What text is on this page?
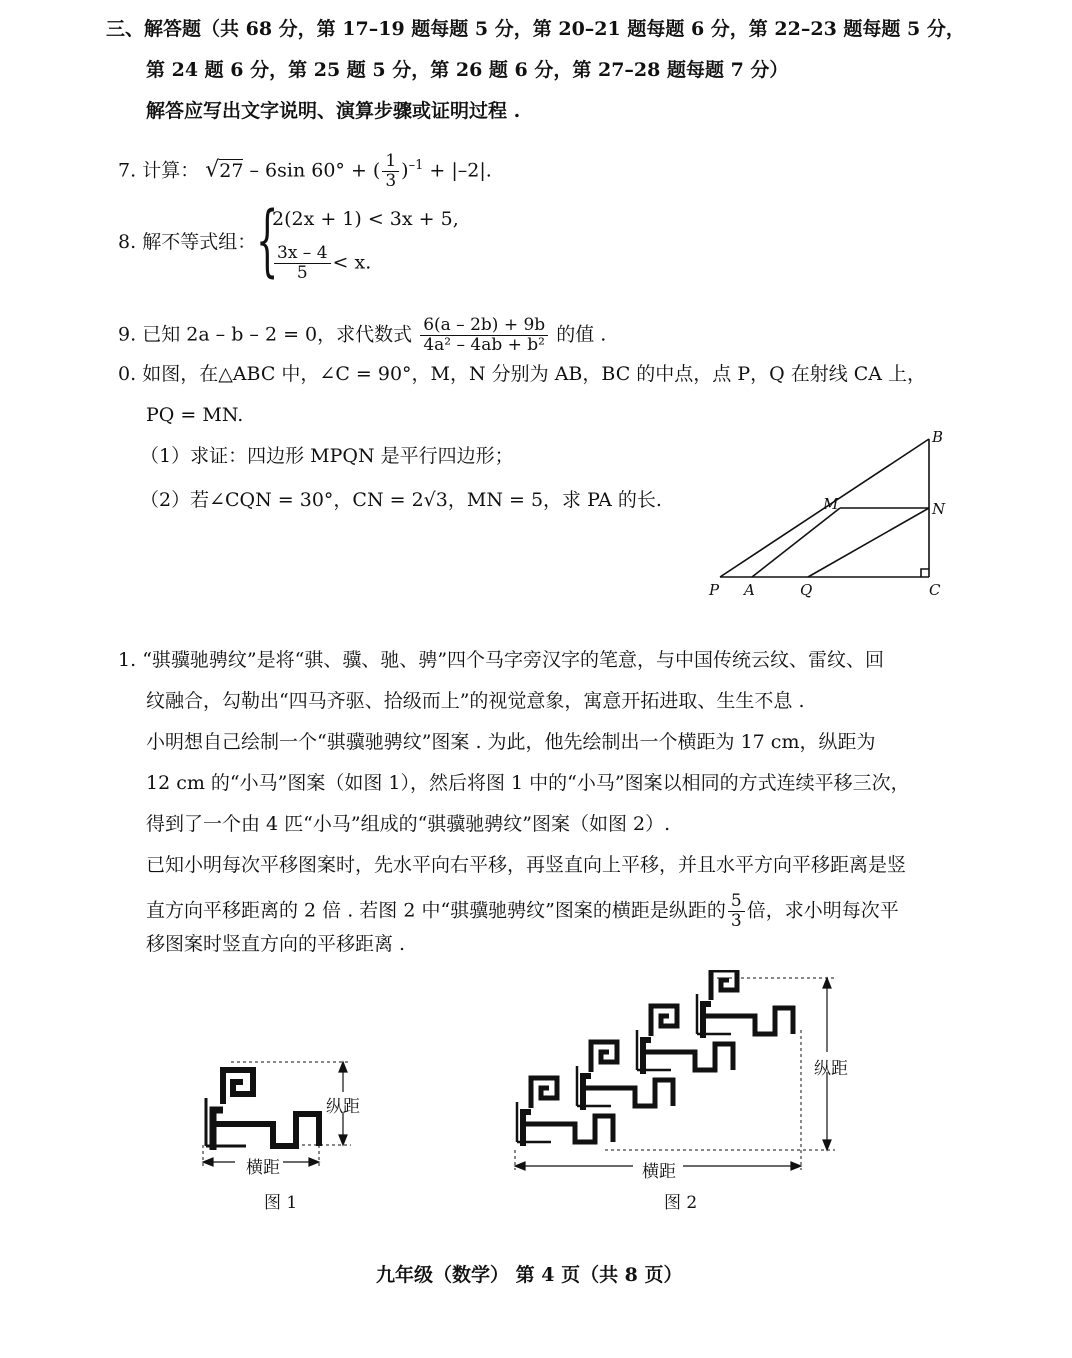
三、解答题（共 68 分，第 17–19 题每题 5 分，第 20–21 题每题 6 分，第 22–23 题每题 5 分，
第 24 题 6 分，第 25 题 5 分，第 26 题 6 分，第 27–28 题每题 7 分）
解答应写出文字说明、演算步骤或证明过程 .
7. 计算： √27 – 6sin 60° + ( $\frac{1}{3} )^{-1} + |-2|$.
8. 解不等式组： {
2(2x + 1) < 3x + 5,
$\frac{3x - 4}{5} < x$.
9. 已知 2a – b – 2 = 0，求代数式 $\frac{6(a - 2b) + 9b}{\text{4a² – 4ab + b²}}$ 的值 .
0. 如图，在△ABC 中，∠C = 90°，M，N 分别为 AB，BC 的中点，点 P，Q 在射线 CA 上，
PQ = MN.
（1）求证：四边形 MPQN 是平行四边形；
（2）若∠CQN = 30°，CN = 2√3，MN = 5，求 PA 的长.
B
M	N
P A	Q	C
1. “骐骥驰骋纹”是将“骐、骥、驰、骋”四个马字旁汉字的笔意，与中国传统云纹、雷纹、回
纹融合，勾勒出“四马齐驱、拾级而上”的视觉意象，寓意开拓进取、生生不息 .
小明想自己绘制一个“骐骥驰骋纹”图案 . 为此，他先绘制出一个横距为 17 cm，纵距为
12 cm 的“小马”图案（如图 1），然后将图 1 中的“小马”图案以相同的方式连续平移三次，
得到了一个由 4 匹“小马”组成的“骐骥驰骋纹”图案（如图 2）.
已知小明每次平移图案时，先水平向右平移，再竖直向上平移，并且水平方向平移距离是竖
直方向平移距离的 2 倍 . 若图 2 中“骐骥驰骋纹”图案的横距是纵距的 $\frac{5}{3}$ 倍，求小明每次平
移图案时竖直方向的平移距离 .
纵距
横距
图 1
纵距
横距
图 2
九年级（数学） 第 4 页（共 8 页）
